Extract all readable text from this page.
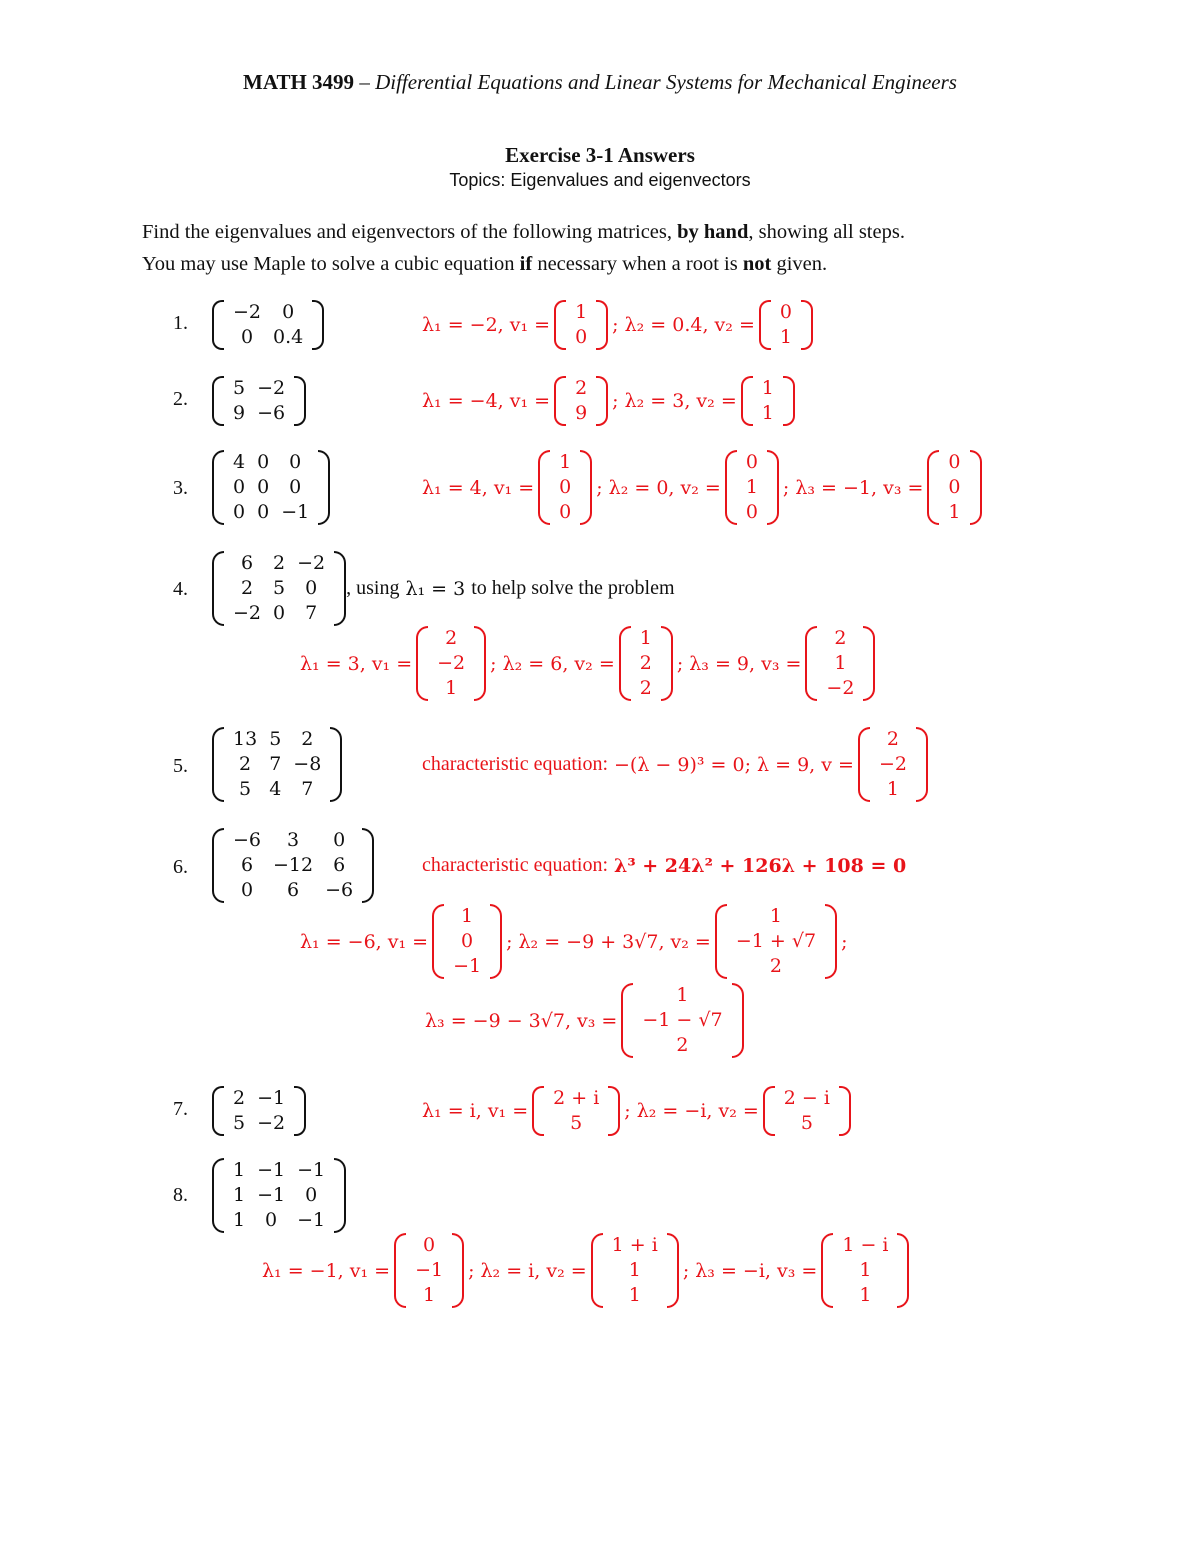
MATH 3499 – Differential Equations and Linear Systems for Mechanical Engineers
Exercise 3-1 Answers
Topics: Eigenvalues and eigenvectors
Find the eigenvalues and eigenvectors of the following matrices, by hand, showing all steps.
You may use Maple to solve a cubic equation if necessary when a root is not given.
1.	−2	0
0	0.4
λ₁ = −2, v₁ =
1
0
; λ₂ = 0.4, v₂ =
0
1
2.	5 −2
9 −6
λ₁ = −4, v₁ =
2
9
; λ₂ = 3, v₂ =
1
1
3.
4 0	0
0 0	0
0 0 −1
λ₁ = 4, v₁ =
1
0
0
; λ₂ = 0, v₂ =
0
1
0
; λ₃ = −1, v₃ =
0
0
1
4.
6	2 −2
2	5	0
−2 0	7
, using λ₁ = 3 to help solve the problem
λ₁ = 3, v₁ =
2
−2
1
; λ₂ = 6, v₂ =
1
2
2
; λ₃ = 9, v₃ =
2
1
−2
5.
13 5	2
2 7 −8
5 4	7
characteristic equation: −(λ − 9)³ = 0; λ = 9, v =
2
−2
1
6.
−6	3	0
6	−12	6
0	6	−6
characteristic equation: λ³ + 24λ² + 126λ + 108 = 0
λ₁ = −6, v₁ =
1
0
−1
; λ₂ = −9 + 3√7, v₂ =
1
−1 + √7
2
;
λ₃ = −9 − 3√7, v₃ =
1
−1 − √7
2
7.	2 −1
5 −2
λ₁ = i, v₁ =
2 + i
5
; λ₂ = −i, v₂ =
2 − i
5
8.
1 −1 −1
1 −1	0
1	0	−1
λ₁ = −1, v₁ =
0
−1
1
; λ₂ = i, v₂ =
1 + i
1
1
; λ₃ = −i, v₃ =
1 − i
1
1
